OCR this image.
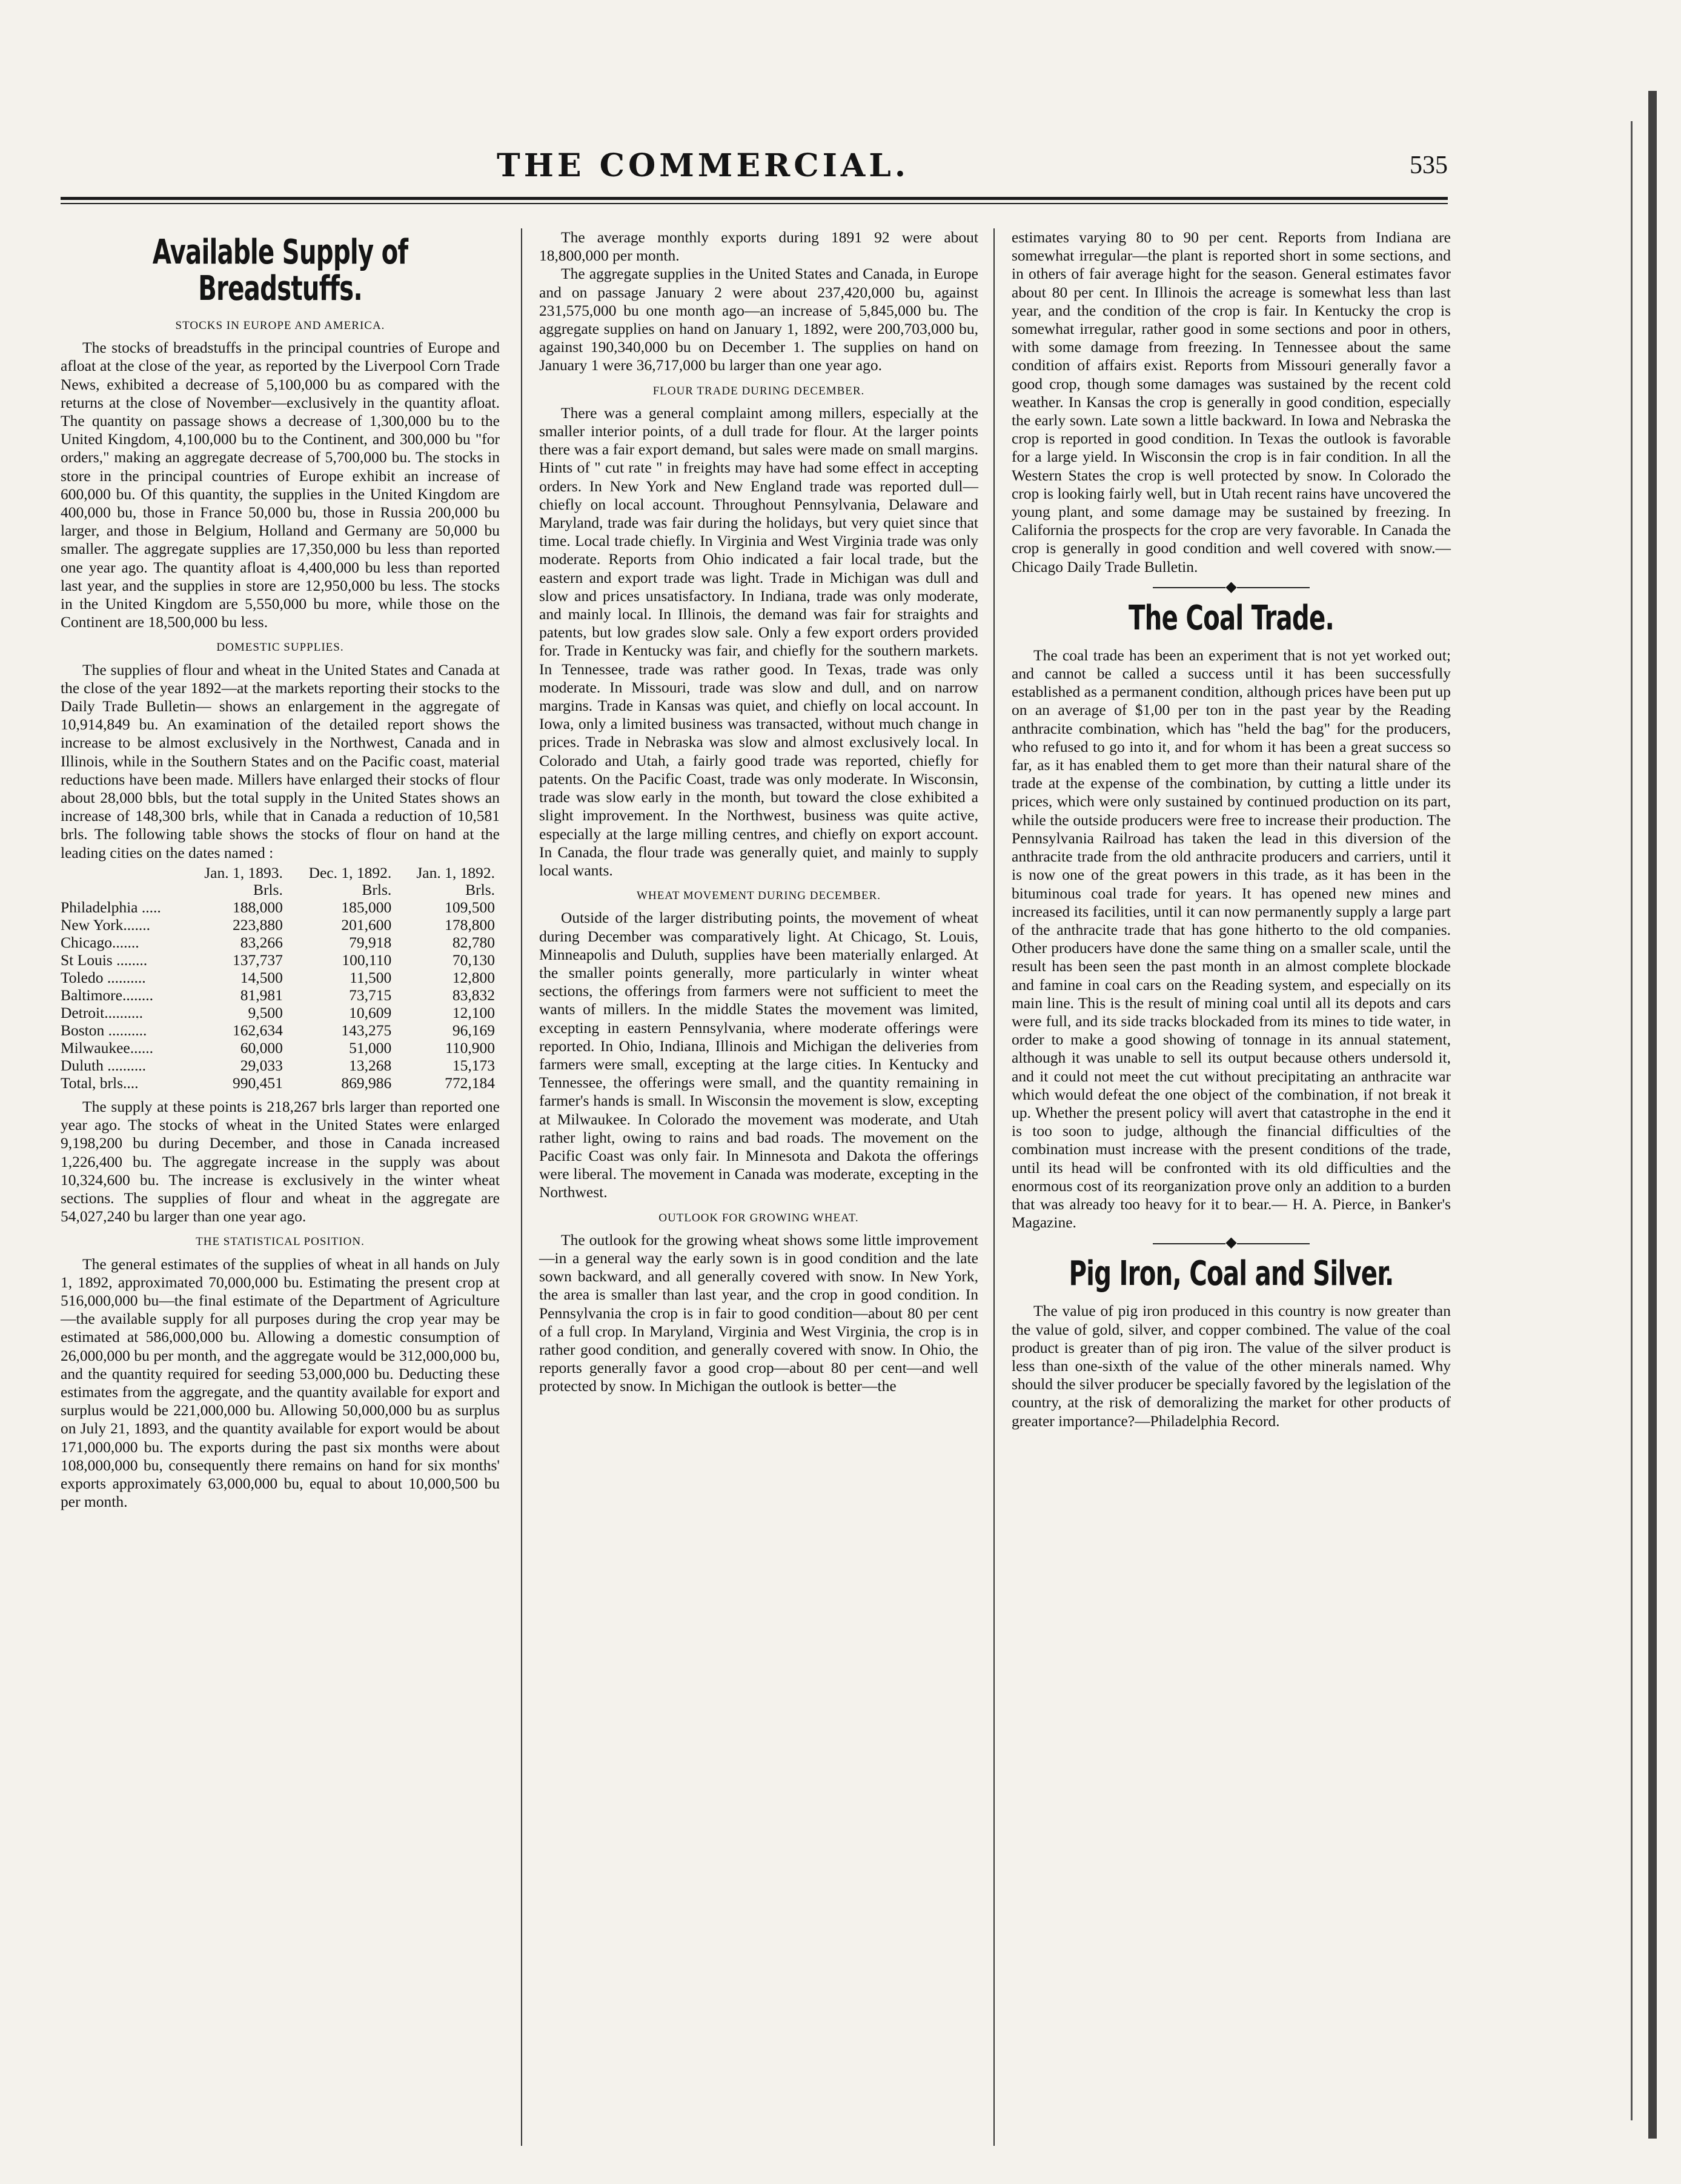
THE COMMERCIAL.	535
Available Supply of Breadstuffs.
STOCKS IN EUROPE AND AMERICA.

The stocks of breadstuffs in the principal countries of Europe and afloat at the close of the year, as reported by the Liverpool Corn Trade News, exhibited a decrease of 5,100,000 bu as compared with the returns at the close of November—exclusively in the quantity afloat. The quantity on passage shows a decrease of 1,300,000 bu to the United Kingdom, 4,100,000 bu to the Continent, and 300,000 bu "for orders," making an aggregate decrease of 5,700,000 bu. The stocks in store in the principal countries of Europe exhibit an increase of 600,000 bu. Of this quantity, the supplies in the United Kingdom are 400,000 bu, those in France 50,000 bu, those in Russia 200,000 bu larger, and those in Belgium, Holland and Germany are 50,000 bu smaller. The aggregate supplies are 17,350,000 bu less than reported one year ago. The quantity afloat is 4,400,000 bu less than reported last year, and the supplies in store are 12,950,000 bu less. The stocks in the United Kingdom are 5,550,000 bu more, while those on the Continent are 18,500,000 bu less.

DOMESTIC SUPPLIES.

The supplies of flour and wheat in the United States and Canada at the close of the year 1892—at the markets reporting their stocks to the Daily Trade Bulletin— shows an enlargement in the aggregate of 10,914,849 bu. An examination of the detailed report shows the increase to be almost exclusively in the Northwest, Canada and in Illinois, while in the Southern States and on the Pacific coast, material reductions have been made. Millers have enlarged their stocks of flour about 28,000 bbls, but the total supply in the United States shows an increase of 148,300 brls, while that in Canada a reduction of 10,581 brls. The following table shows the stocks of flour on hand at the leading cities on the dates named :

	Jan. 1, 1893.	Dec. 1, 1892.	Jan. 1, 1892.
	Brls.	Brls.	Brls.
Philadelphia .....	188,000	185,000	109,500
New York.......	223,880	201,600	178,800
Chicago.......	83,266	79,918	82,780
St Louis ........	137,737	100,110	70,130
Toledo ..........	14,500	11,500	12,800
Baltimore........	81,981	73,715	83,832
Detroit..........	9,500	10,609	12,100
Boston ..........	162,634	143,275	96,169
Milwaukee......	60,000	51,000	110,900
Duluth ..........	29,033	13,268	15,173
Total, brls....	990,451	869,986	772,184

The supply at these points is 218,267 brls larger than reported one year ago. The stocks of wheat in the United States were enlarged 9,198,200 bu during December, and those in Canada increased 1,226,400 bu. The aggregate increase in the supply was about 10,324,600 bu. The increase is exclusively in the winter wheat sections. The supplies of flour and wheat in the aggregate are 54,027,240 bu larger than one year ago.

THE STATISTICAL POSITION.

The general estimates of the supplies of wheat in all hands on July 1, 1892, approximated 70,000,000 bu. Estimating the present crop at 516,000,000 bu—the final estimate of the Department of Agriculture—the available supply for all purposes during the crop year may be estimated at 586,000,000 bu. Allowing a domestic consumption of 26,000,000 bu per month, and the aggregate would be 312,000,000 bu, and the quantity required for seeding 53,000,000 bu. Deducting these estimates from the aggregate, and the quantity available for export and surplus would be 221,000,000 bu. Allowing 50,000,000 bu as surplus on July 21, 1893, and the quantity available for export would be about 171,000,000 bu. The exports during the past six months were about 108,000,000 bu, consequently there remains on hand for six months' exports approximately 63,000,000 bu, equal to about 10,000,500 bu per month.

The average monthly exports during 1891 92 were about 18,800,000 per month.

The aggregate supplies in the United States and Canada, in Europe and on passage January 2 were about 237,420,000 bu, against 231,575,000 bu one month ago—an increase of 5,845,000 bu. The aggregate supplies on hand on January 1, 1892, were 200,703,000 bu, against 190,340,000 bu on December 1. The supplies on hand on January 1 were 36,717,000 bu larger than one year ago.

FLOUR TRADE DURING DECEMBER.

There was a general complaint among millers, especially at the smaller interior points, of a dull trade for flour. At the larger points there was a fair export demand, but sales were made on small margins. Hints of " cut rate " in freights may have had some effect in accepting orders. In New York and New England trade was reported dull—chiefly on local account. Throughout Pennsylvania, Delaware and Maryland, trade was fair during the holidays, but very quiet since that time. Local trade chiefly. In Virginia and West Virginia trade was only moderate. Reports from Ohio indicated a fair local trade, but the eastern and export trade was light. Trade in Michigan was dull and slow and prices unsatisfactory. In Indiana, trade was only moderate, and mainly local. In Illinois, the demand was fair for straights and patents, but low grades slow sale. Only a few export orders provided for. Trade in Kentucky was fair, and chiefly for the southern markets. In Tennessee, trade was rather good. In Texas, trade was only moderate. In Missouri, trade was slow and dull, and on narrow margins. Trade in Kansas was quiet, and chiefly on local account. In Iowa, only a limited business was transacted, without much change in prices. Trade in Nebraska was slow and almost exclusively local. In Colorado and Utah, a fairly good trade was reported, chiefly for patents. On the Pacific Coast, trade was only moderate. In Wisconsin, trade was slow early in the month, but toward the close exhibited a slight improvement. In the Northwest, business was quite active, especially at the large milling centres, and chiefly on export account. In Canada, the flour trade was generally quiet, and mainly to supply local wants.

WHEAT MOVEMENT DURING DECEMBER.

Outside of the larger distributing points, the movement of wheat during December was comparatively light. At Chicago, St. Louis, Minneapolis and Duluth, supplies have been materially enlarged. At the smaller points generally, more particularly in winter wheat sections, the offerings from farmers were not sufficient to meet the wants of millers. In the middle States the movement was limited, excepting in eastern Pennsylvania, where moderate offerings were reported. In Ohio, Indiana, Illinois and Michigan the deliveries from farmers were small, excepting at the large cities. In Kentucky and Tennessee, the offerings were small, and the quantity remaining in farmer's hands is small. In Wisconsin the movement is slow, excepting at Milwaukee. In Colorado the movement was moderate, and Utah rather light, owing to rains and bad roads. The movement on the Pacific Coast was only fair. In Minnesota and Dakota the offerings were liberal. The movement in Canada was moderate, excepting in the Northwest.

OUTLOOK FOR GROWING WHEAT.

The outlook for the growing wheat shows some little improvement—in a general way the early sown is in good condition and the late sown backward, and all generally covered with snow. In New York, the area is smaller than last year, and the crop in good condition. In Pennsylvania the crop is in fair to good condition—about 80 per cent of a full crop. In Maryland, Virginia and West Virginia, the crop is in rather good condition, and generally covered with snow. In Ohio, the reports generally favor a good crop—about 80 per cent—and well protected by snow. In Michigan the outlook is better—the

estimates varying 80 to 90 per cent. Reports from Indiana are somewhat irregular—the plant is reported short in some sections, and in others of fair average hight for the season. General estimates favor about 80 per cent. In Illinois the acreage is somewhat less than last year, and the condition of the crop is fair. In Kentucky the crop is somewhat irregular, rather good in some sections and poor in others, with some damage from freezing. In Tennessee about the same condition of affairs exist. Reports from Missouri generally favor a good crop, though some damages was sustained by the recent cold weather. In Kansas the crop is generally in good condition, especially the early sown. Late sown a little backward. In Iowa and Nebraska the crop is reported in good condition. In Texas the outlook is favorable for a large yield. In Wisconsin the crop is in fair condition. In all the Western States the crop is well protected by snow. In Colorado the crop is looking fairly well, but in Utah recent rains have uncovered the young plant, and some damage may be sustained by freezing. In California the prospects for the crop are very favorable. In Canada the crop is generally in good condition and well covered with snow.— Chicago Daily Trade Bulletin.

◆
The Coal Trade.

The coal trade has been an experiment that is not yet worked out; and cannot be called a success until it has been successfully established as a permanent condition, although prices have been put up on an average of $1,00 per ton in the past year by the Reading anthracite combination, which has "held the bag" for the producers, who refused to go into it, and for whom it has been a great success so far, as it has enabled them to get more than their natural share of the trade at the expense of the combination, by cutting a little under its prices, which were only sustained by continued production on its part, while the outside producers were free to increase their production. The Pennsylvania Railroad has taken the lead in this diversion of the anthracite trade from the old anthracite producers and carriers, until it is now one of the great powers in this trade, as it has been in the bituminous coal trade for years. It has opened new mines and increased its facilities, until it can now permanently supply a large part of the anthracite trade that has gone hitherto to the old companies. Other producers have done the same thing on a smaller scale, until the result has been seen the past month in an almost complete blockade and famine in coal cars on the Reading system, and especially on its main line. This is the result of mining coal until all its depots and cars were full, and its side tracks blockaded from its mines to tide water, in order to make a good showing of tonnage in its annual statement, although it was unable to sell its output because others undersold it, and it could not meet the cut without precipitating an anthracite war which would defeat the one object of the combination, if not break it up. Whether the present policy will avert that catastrophe in the end it is too soon to judge, although the financial difficulties of the combination must increase with the present conditions of the trade, until its head will be confronted with its old difficulties and the enormous cost of its reorganization prove only an addition to a burden that was already too heavy for it to bear.— H. A. Pierce, in Banker's Magazine.

◆
Pig Iron, Coal and Silver.

The value of pig iron produced in this country is now greater than the value of gold, silver, and copper combined. The value of the coal product is greater than of pig iron. The value of the silver product is less than one-sixth of the value of the other minerals named. Why should the silver producer be specially favored by the legislation of the country, at the risk of demoralizing the market for other products of greater importance?—Philadelphia Record.
